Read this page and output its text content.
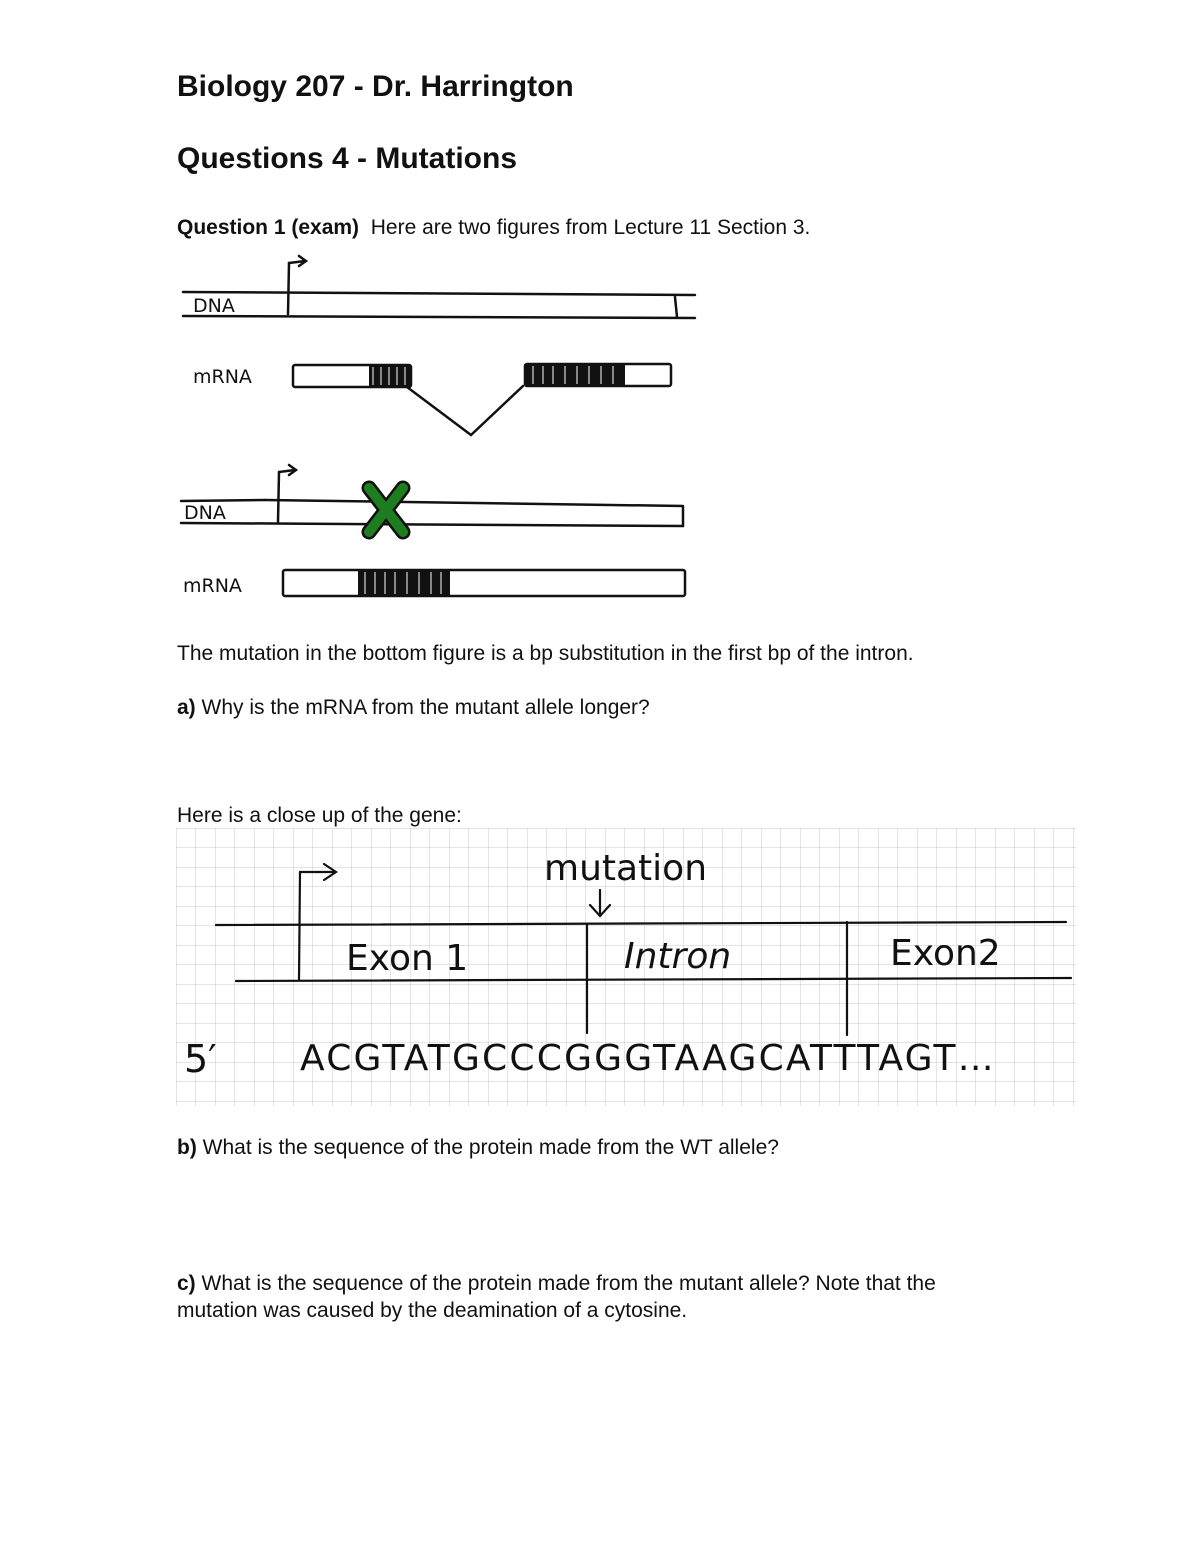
Biology 207 - Dr. Harrington
Questions 4 - Mutations
Question 1 (exam) Here are two figures from Lecture 11 Section 3.
DNA
mRNA
DNA
mRNA
The mutation in the bottom figure is a bp substitution in the first bp of the intron.
a) Why is the mRNA from the mutant allele longer?
Here is a close up of the gene:
mutation
Exon 1	Intron	Exon2
5′ ACGTATGCCCGGGTAAGCATTTAGT…
b) What is the sequence of the protein made from the WT allele?
c) What is the sequence of the protein made from the mutant allele? Note that the
mutation was caused by the deamination of a cytosine.
